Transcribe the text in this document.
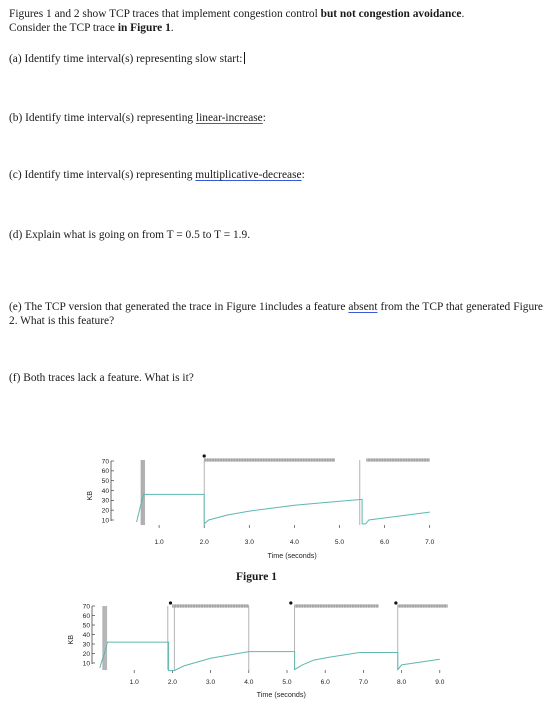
Figures 1 and 2 show TCP traces that implement congestion control but not congestion avoidance.
Consider the TCP trace in Figure 1.
(a) Identify time interval(s) representing slow start:
(b) Identify time interval(s) representing linear-increase:
(c) Identify time interval(s) representing multiplicative-decrease:
(d) Explain what is going on from T = 0.5 to T = 1.9.
(e) The TCP version that generated the trace in Figure 1includes a feature absent from the TCP that generated Figure 2. What is this feature?
(f) Both traces lack a feature. What is it?
70
60
50
40
30
20
10
KB
1.0	2.0	3.0	4.0	5.0	6.0	7.0
Time (seconds)
70
60
50
40
30
20
10
KB
1.0	2.0	3.0	4.0	5.0	6.0	7.0	8.0	9.0
Time (seconds)
Figure 1
